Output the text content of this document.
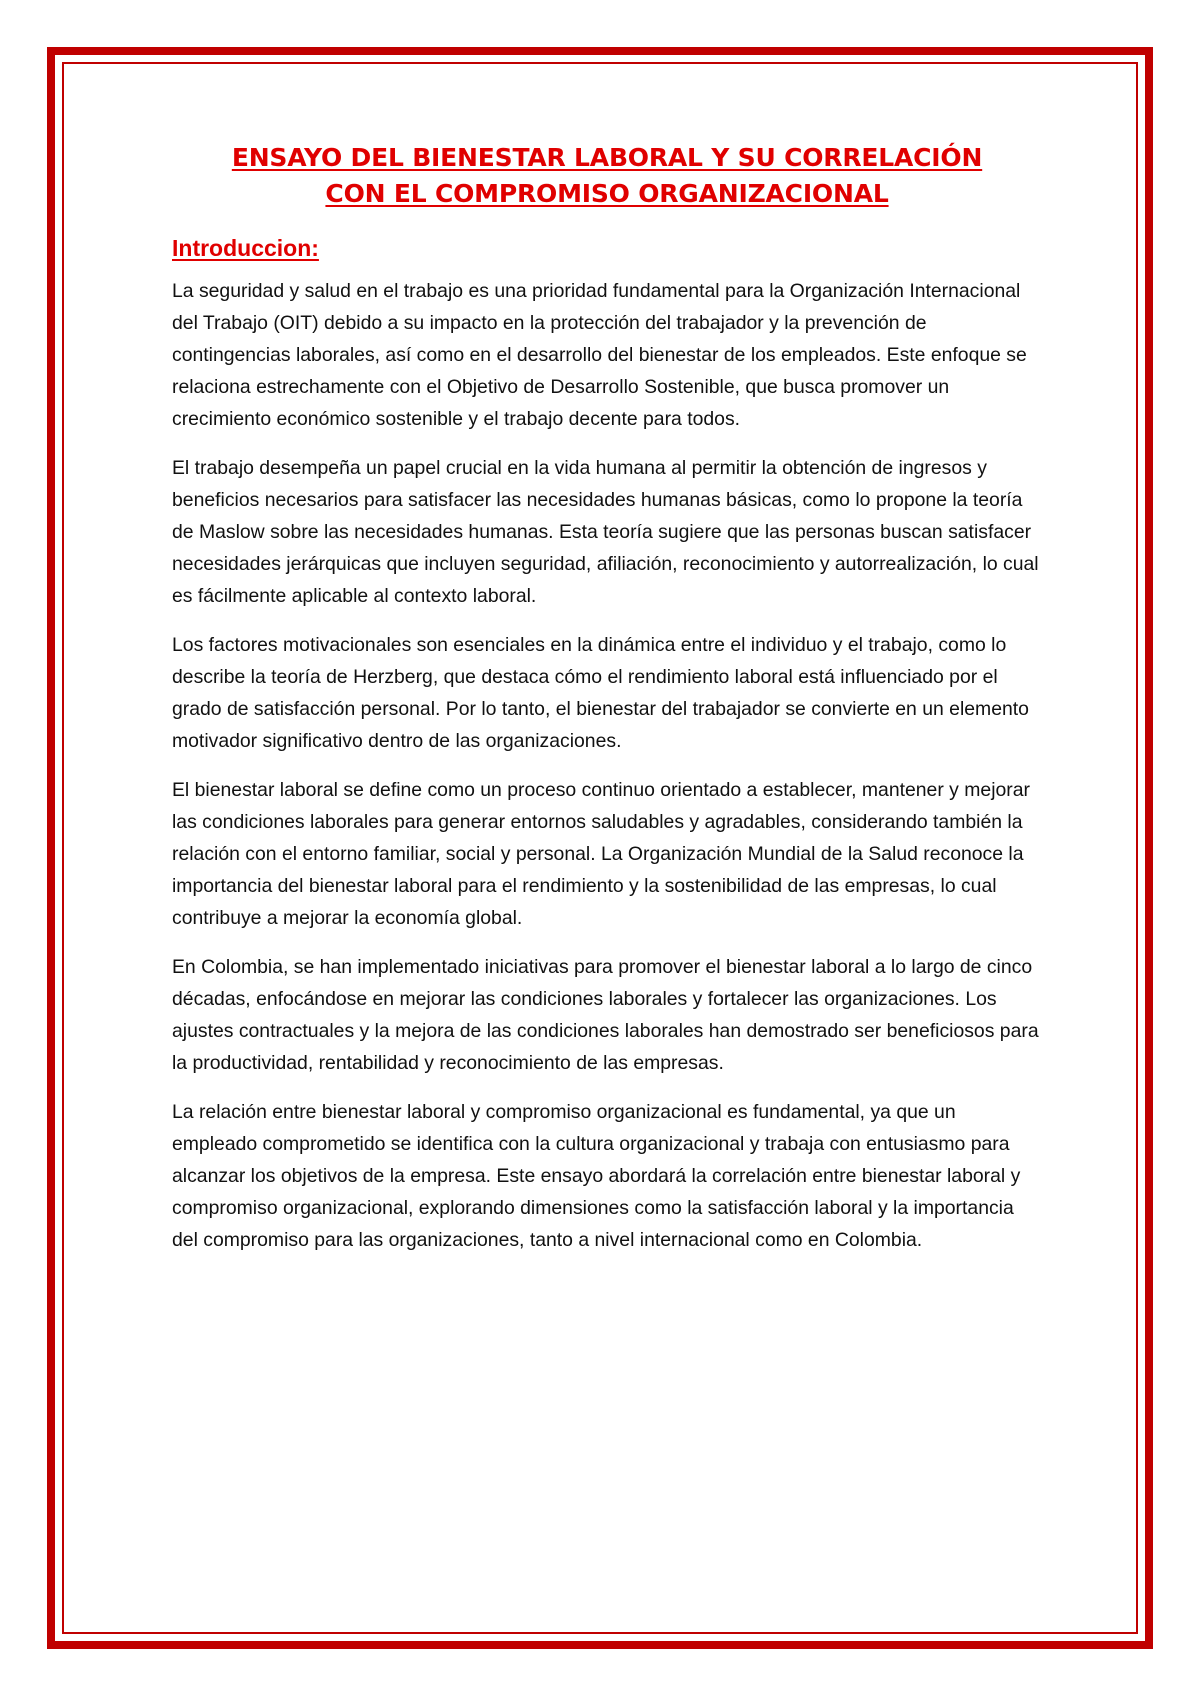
ENSAYO DEL BIENESTAR LABORAL Y SU CORRELACIÓN
CON EL COMPROMISO ORGANIZACIONAL
Introduccion:

La seguridad y salud en el trabajo es una prioridad fundamental para la Organización Internacional del Trabajo (OIT) debido a su impacto en la protección del trabajador y la prevención de contingencias laborales, así como en el desarrollo del bienestar de los empleados. Este enfoque se relaciona estrechamente con el Objetivo de Desarrollo Sostenible, que busca promover un crecimiento económico sostenible y el trabajo decente para todos.

El trabajo desempeña un papel crucial en la vida humana al permitir la obtención de ingresos y beneficios necesarios para satisfacer las necesidades humanas básicas, como lo propone la teoría de Maslow sobre las necesidades humanas. Esta teoría sugiere que las personas buscan satisfacer necesidades jerárquicas que incluyen seguridad, afiliación, reconocimiento y autorrealización, lo cual es fácilmente aplicable al contexto laboral.

Los factores motivacionales son esenciales en la dinámica entre el individuo y el trabajo, como lo describe la teoría de Herzberg, que destaca cómo el rendimiento laboral está influenciado por el grado de satisfacción personal. Por lo tanto, el bienestar del trabajador se convierte en un elemento motivador significativo dentro de las organizaciones.

El bienestar laboral se define como un proceso continuo orientado a establecer, mantener y mejorar las condiciones laborales para generar entornos saludables y agradables, considerando también la relación con el entorno familiar, social y personal. La Organización Mundial de la Salud reconoce la importancia del bienestar laboral para el rendimiento y la sostenibilidad de las empresas, lo cual contribuye a mejorar la economía global.

En Colombia, se han implementado iniciativas para promover el bienestar laboral a lo largo de cinco décadas, enfocándose en mejorar las condiciones laborales y fortalecer las organizaciones. Los ajustes contractuales y la mejora de las condiciones laborales han demostrado ser beneficiosos para la productividad, rentabilidad y reconocimiento de las empresas.

La relación entre bienestar laboral y compromiso organizacional es fundamental, ya que un empleado comprometido se identifica con la cultura organizacional y trabaja con entusiasmo para alcanzar los objetivos de la empresa. Este ensayo abordará la correlación entre bienestar laboral y compromiso organizacional, explorando dimensiones como la satisfacción laboral y la importancia del compromiso para las organizaciones, tanto a nivel internacional como en Colombia.
